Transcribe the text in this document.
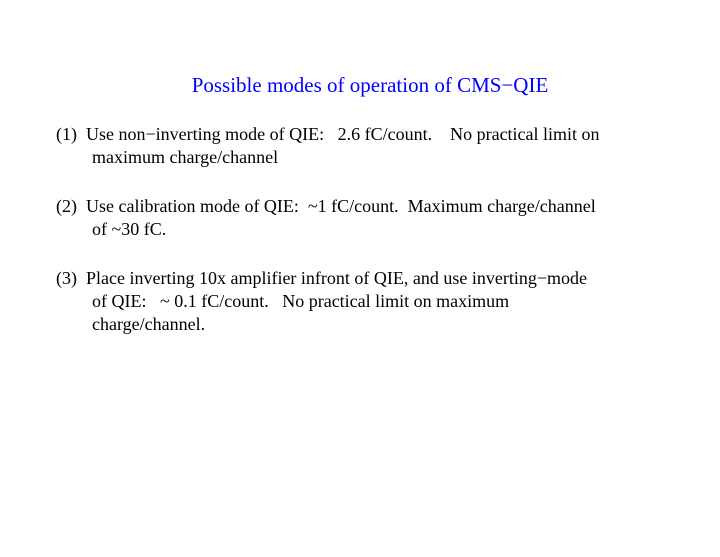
Possible modes of operation of CMS−QIE
(1)  Use non−inverting mode of QIE:   2.6 fC/count.    No practical limit on
maximum charge/channel
(2)  Use calibration mode of QIE:  ~1 fC/count.  Maximum charge/channel
of ~30 fC.
(3)  Place inverting 10x amplifier infront of QIE, and use inverting−mode
of QIE:   ~ 0.1 fC/count.   No practical limit on maximum
charge/channel.
